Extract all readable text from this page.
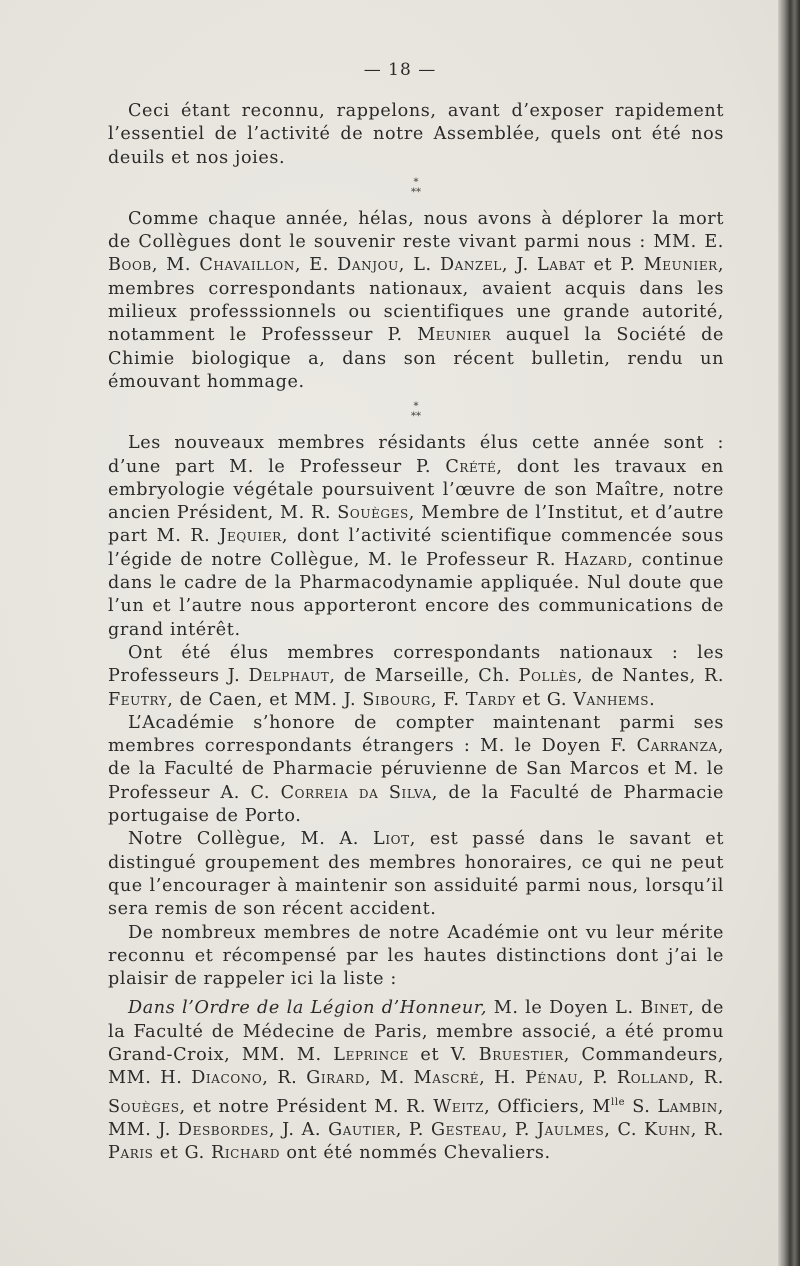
— 18 —

Ceci étant reconnu, rappelons, avant d’exposer rapidement l’essentiel de l’activité de notre Assemblée, quels ont été nos deuils et nos joies.

*
**

Comme chaque année, hélas, nous avons à déplorer la mort de Collègues dont le souvenir reste vivant parmi nous : MM. E. Boob, M. Chavaillon, E. Danjou, L. Danzel, J. Labat et P. Meunier, membres correspondants nationaux, avaient acquis dans les milieux professsionnels ou scientifiques une grande autorité, notamment le Professseur P. Meunier auquel la Société de Chimie biologique a, dans son récent bulletin, rendu un émouvant hommage.

*
**

Les nouveaux membres résidants élus cette année sont : d’une part M. le Professeur P. Crété, dont les travaux en embryologie végétale poursuivent l’œuvre de son Maître, notre ancien Président, M. R. Souèges, Membre de l’Institut, et d’autre part M. R. Jequier, dont l’activité scientifique commencée sous l’égide de notre Collègue, M. le Professeur R. Hazard, continue dans le cadre de la Pharmacodynamie appliquée. Nul doute que l’un et l’autre nous apporteront encore des communications de grand intérêt.

Ont été élus membres correspondants nationaux : les Professeurs J. Delphaut, de Marseille, Ch. Pollès, de Nantes, R. Feutry, de Caen, et MM. J. Sibourg, F. Tardy et G. Vanhems.

L’Académie s’honore de compter maintenant parmi ses membres correspondants étrangers : M. le Doyen F. Carranza, de la Faculté de Pharmacie péruvienne de San Marcos et M. le Professeur A. C. Correia da Silva, de la Faculté de Pharmacie portugaise de Porto.

Notre Collègue, M. A. Liot, est passé dans le savant et distingué groupement des membres honoraires, ce qui ne peut que l’encourager à maintenir son assiduité parmi nous, lorsqu’il sera remis de son récent accident.

De nombreux membres de notre Académie ont vu leur mérite reconnu et récompensé par les hautes distinctions dont j’ai le plaisir de rappeler ici la liste :

Dans l’Ordre de la Légion d’Honneur, M. le Doyen L. Binet, de la Faculté de Médecine de Paris, membre associé, a été promu Grand-Croix, MM. M. Leprince et V. Bruestier, Commandeurs, MM. H. Diacono, R. Girard, M. Mascré, H. Pénau, P. Rolland, R. Souèges, et notre Président M. R. Weitz, Officiers, $M^{lle}$ S. Lambin, MM. J. Desbordes, J. A. Gautier, P. Gesteau, P. Jaulmes, C. Kuhn, R. Paris et G. Richard ont été nommés Chevaliers.
